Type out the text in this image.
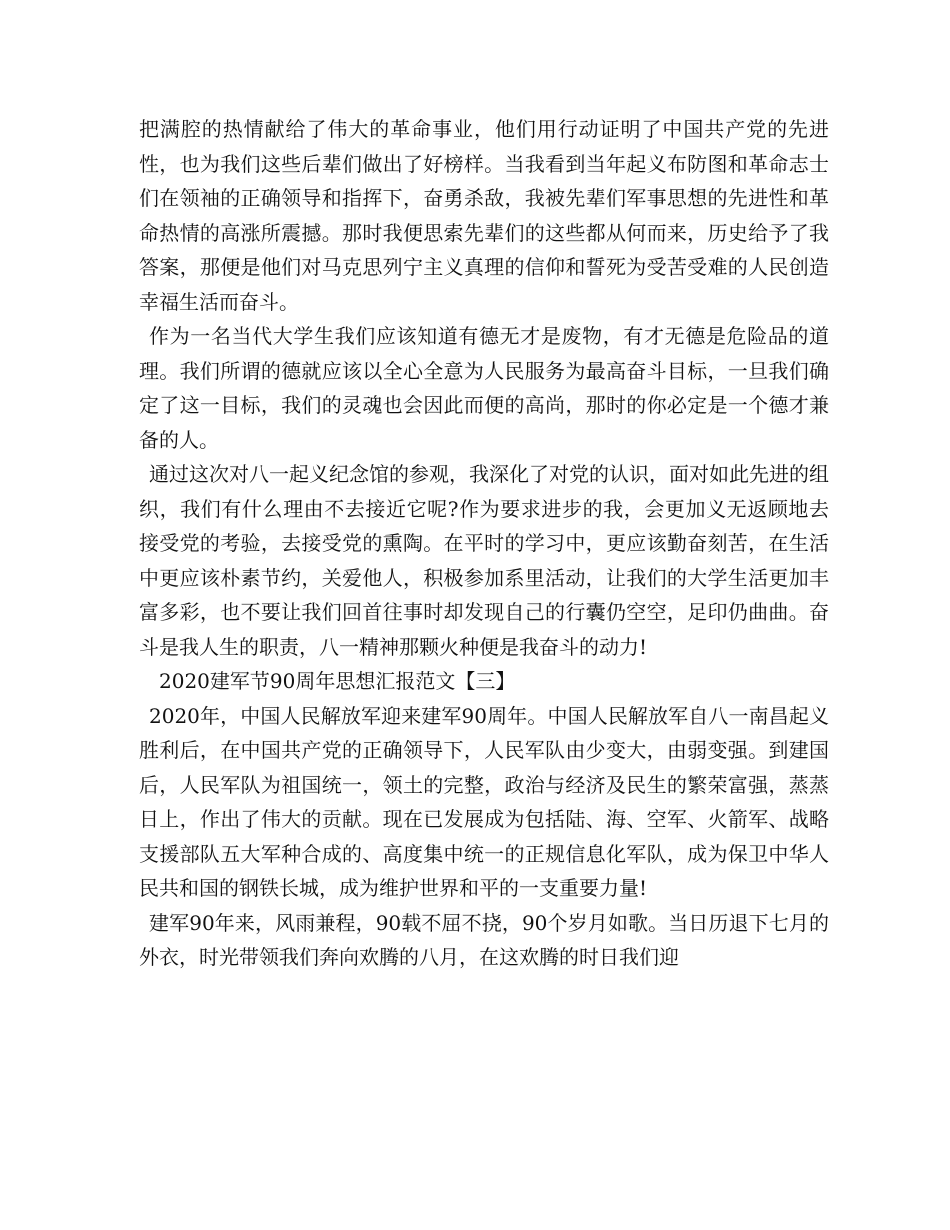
把满腔的热情献给了伟大的革命事业，他们用行动证明了中国共产党的先进性，也为我们这些后辈们做出了好榜样。当我看到当年起义布防图和革命志士们在领袖的正确领导和指挥下，奋勇杀敌，我被先辈们军事思想的先进性和革命热情的高涨所震撼。那时我便思索先辈们的这些都从何而来，历史给予了我答案，那便是他们对马克思列宁主义真理的信仰和誓死为受苦受难的人民创造幸福生活而奋斗。

作为一名当代大学生我们应该知道有德无才是废物，有才无德是危险品的道理。我们所谓的德就应该以全心全意为人民服务为最高奋斗目标，一旦我们确定了这一目标，我们的灵魂也会因此而便的高尚，那时的你必定是一个德才兼备的人。

通过这次对八一起义纪念馆的参观，我深化了对党的认识，面对如此先进的组织，我们有什么理由不去接近它呢?作为要求进步的我，会更加义无返顾地去接受党的考验，去接受党的熏陶。在平时的学习中，更应该勤奋刻苦，在生活中更应该朴素节约，关爱他人，积极参加系里活动，让我们的大学生活更加丰富多彩，也不要让我们回首往事时却发现自己的行囊仍空空，足印仍曲曲。奋斗是我人生的职责，八一精神那颗火种便是我奋斗的动力!

2020建军节90周年思想汇报范文【三】

2020年，中国人民解放军迎来建军90周年。中国人民解放军自八一南昌起义胜利后，在中国共产党的正确领导下，人民军队由少变大，由弱变强。到建国后，人民军队为祖国统一，领土的完整，政治与经济及民生的繁荣富强，蒸蒸日上，作出了伟大的贡献。现在已发展成为包括陆、海、空军、火箭军、战略支援部队五大军种合成的、高度集中统一的正规信息化军队，成为保卫中华人民共和国的钢铁长城，成为维护世界和平的一支重要力量!

建军90年来，风雨兼程，90载不屈不挠，90个岁月如歌。当日历退下七月的外衣，时光带领我们奔向欢腾的八月，在这欢腾的时日我们迎
